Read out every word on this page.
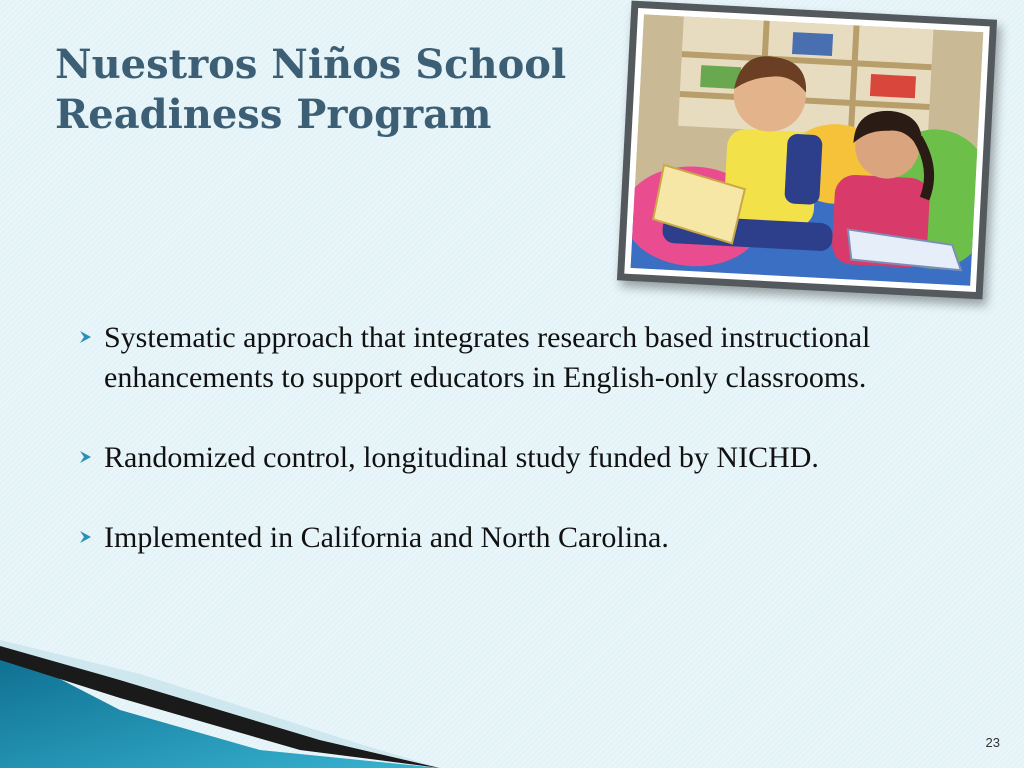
Nuestros Niños School
Readiness Program
Systematic approach that integrates research based instructional enhancements to support educators in English-only classrooms.
Randomized control, longitudinal study funded by NICHD.
Implemented in California and North Carolina.
23
